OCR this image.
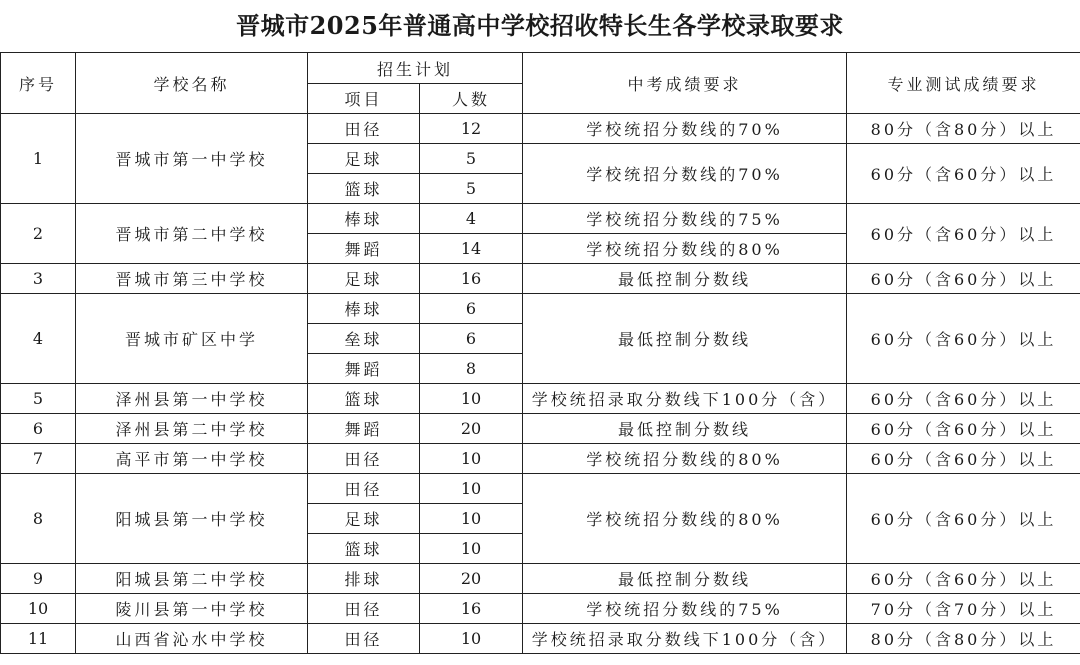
晋城市2025年普通高中学校招收特长生各学校录取要求
序号	学校名称	招生计划		中考成绩要求	专业测试成绩要求
		项目	人数		
1	晋城市第一中学校	田径	12	学校统招分数线的70%	80分（含80分）以上
		足球	5	学校统招分数线的70%	60分（含60分）以上
		篮球	5		
2	晋城市第二中学校	棒球	4	学校统招分数线的75%	60分（含60分）以上
		舞蹈	14	学校统招分数线的80%	
3	晋城市第三中学校	足球	16	最低控制分数线	60分（含60分）以上
4	晋城市矿区中学	棒球	6	最低控制分数线	60分（含60分）以上
		垒球	6		
		舞蹈	8		
5	泽州县第一中学校	篮球	10	学校统招录取分数线下100分（含）	60分（含60分）以上
6	泽州县第二中学校	舞蹈	20	最低控制分数线	60分（含60分）以上
7	高平市第一中学校	田径	10	学校统招分数线的80%	60分（含60分）以上
8	阳城县第一中学校	田径	10	学校统招分数线的80%	60分（含60分）以上
		足球	10		
		篮球	10		
9	阳城县第二中学校	排球	20	最低控制分数线	60分（含60分）以上
10	陵川县第一中学校	田径	16	学校统招分数线的75%	70分（含70分）以上
11	山西省沁水中学校	田径	10	学校统招录取分数线下100分（含）	80分（含80分）以上
